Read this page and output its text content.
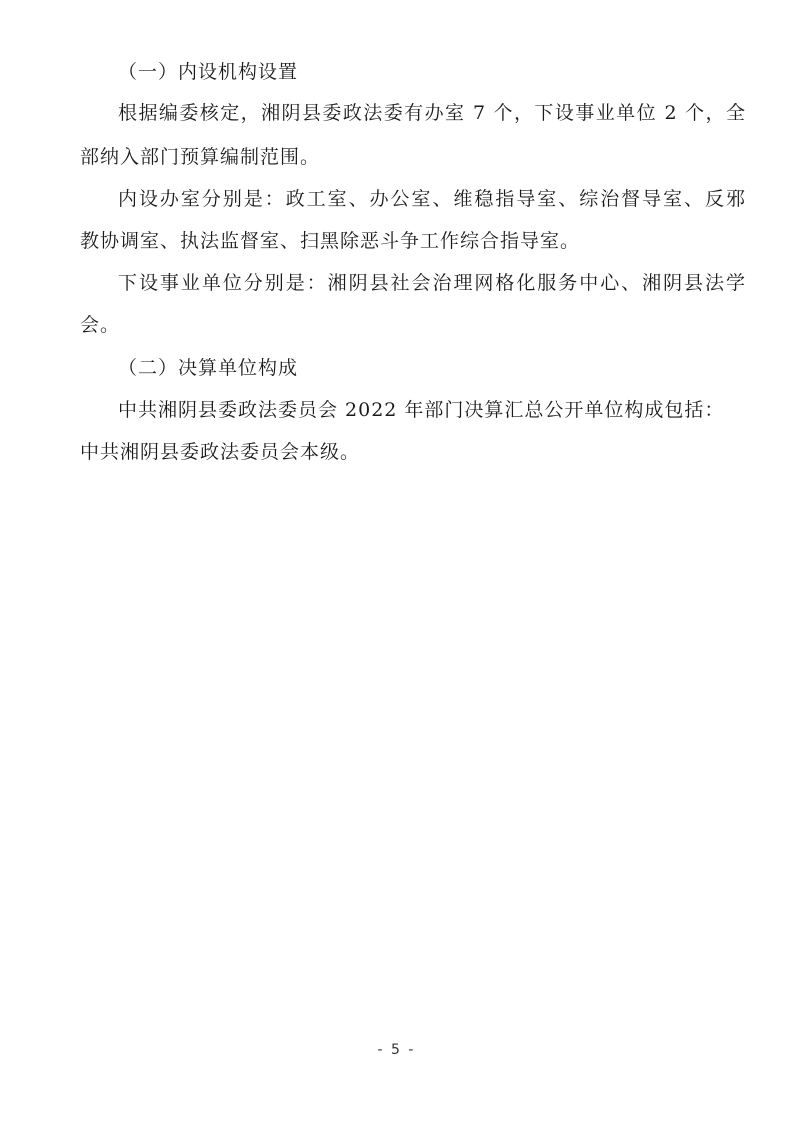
（一）内设机构设置
根据编委核定，湘阴县委政法委有办室 7 个，下设事业单位 2 个，全
部纳入部门预算编制范围。
内设办室分别是：政工室、办公室、维稳指导室、综治督导室、反邪
教协调室、执法监督室、扫黑除恶斗争工作综合指导室。
下设事业单位分别是：湘阴县社会治理网格化服务中心、湘阴县法学
会。
（二）决算单位构成
中共湘阴县委政法委员会 2022 年部门决算汇总公开单位构成包括：
中共湘阴县委政法委员会本级。
- 5 -
